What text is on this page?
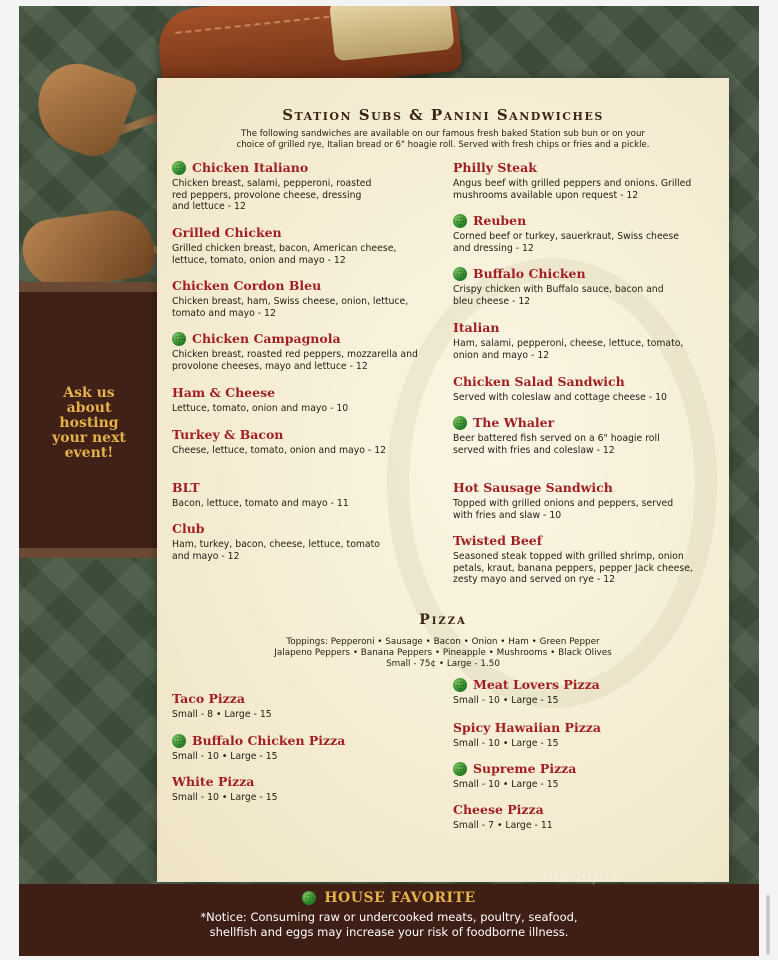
Ask us
about
hosting
your next
event!
Station Subs & Panini Sandwiches
The following sandwiches are available on our famous fresh baked Station sub bun or on your
choice of grilled rye, Italian bread or 6" hoagie roll. Served with fresh chips or fries and a pickle.
Chicken Italiano
Chicken breast, salami, pepperoni, roasted
red peppers, provolone cheese, dressing
and lettuce - 12
Grilled Chicken
Grilled chicken breast, bacon, American cheese,
lettuce, tomato, onion and mayo - 12
Chicken Cordon Bleu
Chicken breast, ham, Swiss cheese, onion, lettuce,
tomato and mayo - 12
Chicken Campagnola
Chicken breast, roasted red peppers, mozzarella and
provolone cheeses, mayo and lettuce - 12
Ham & Cheese
Lettuce, tomato, onion and mayo - 10
Turkey & Bacon
Cheese, lettuce, tomato, onion and mayo - 12
BLT
Bacon, lettuce, tomato and mayo - 11
Club
Ham, turkey, bacon, cheese, lettuce, tomato
and mayo - 12
Philly Steak
Angus beef with grilled peppers and onions. Grilled
mushrooms available upon request - 12
Reuben
Corned beef or turkey, sauerkraut, Swiss cheese
and dressing - 12
Buffalo Chicken
Crispy chicken with Buffalo sauce, bacon and
bleu cheese - 12
Italian
Ham, salami, pepperoni, cheese, lettuce, tomato,
onion and mayo - 12
Chicken Salad Sandwich
Served with coleslaw and cottage cheese - 10
The Whaler
Beer battered fish served on a 6" hoagie roll
served with fries and coleslaw - 12
Hot Sausage Sandwich
Topped with grilled onions and peppers, served
with fries and slaw - 10
Twisted Beef
Seasoned steak topped with grilled shrimp, onion
petals, kraut, banana peppers, pepper Jack cheese,
zesty mayo and served on rye - 12
Pizza
Toppings: Pepperoni • Sausage • Bacon • Onion • Ham • Green Pepper
Jalapeno Peppers • Banana Peppers • Pineapple • Mushrooms • Black Olives
Small - 75¢ • Large - 1.50
Taco Pizza
Small - 8 • Large - 15
Buffalo Chicken Pizza
Small - 10 • Large - 15
White Pizza
Small - 10 • Large - 15
Meat Lovers Pizza
Small - 10 • Large - 15
Spicy Hawaiian Pizza
Small - 10 • Large - 15
Supreme Pizza
Small - 10 • Large - 15
Cheese Pizza
Small - 7 • Large - 11
HOUSE FAVORITE
*Notice: Consuming raw or undercooked meats, poultry, seafood,
shellfish and eggs may increase your risk of foodborne illness.
menupix
